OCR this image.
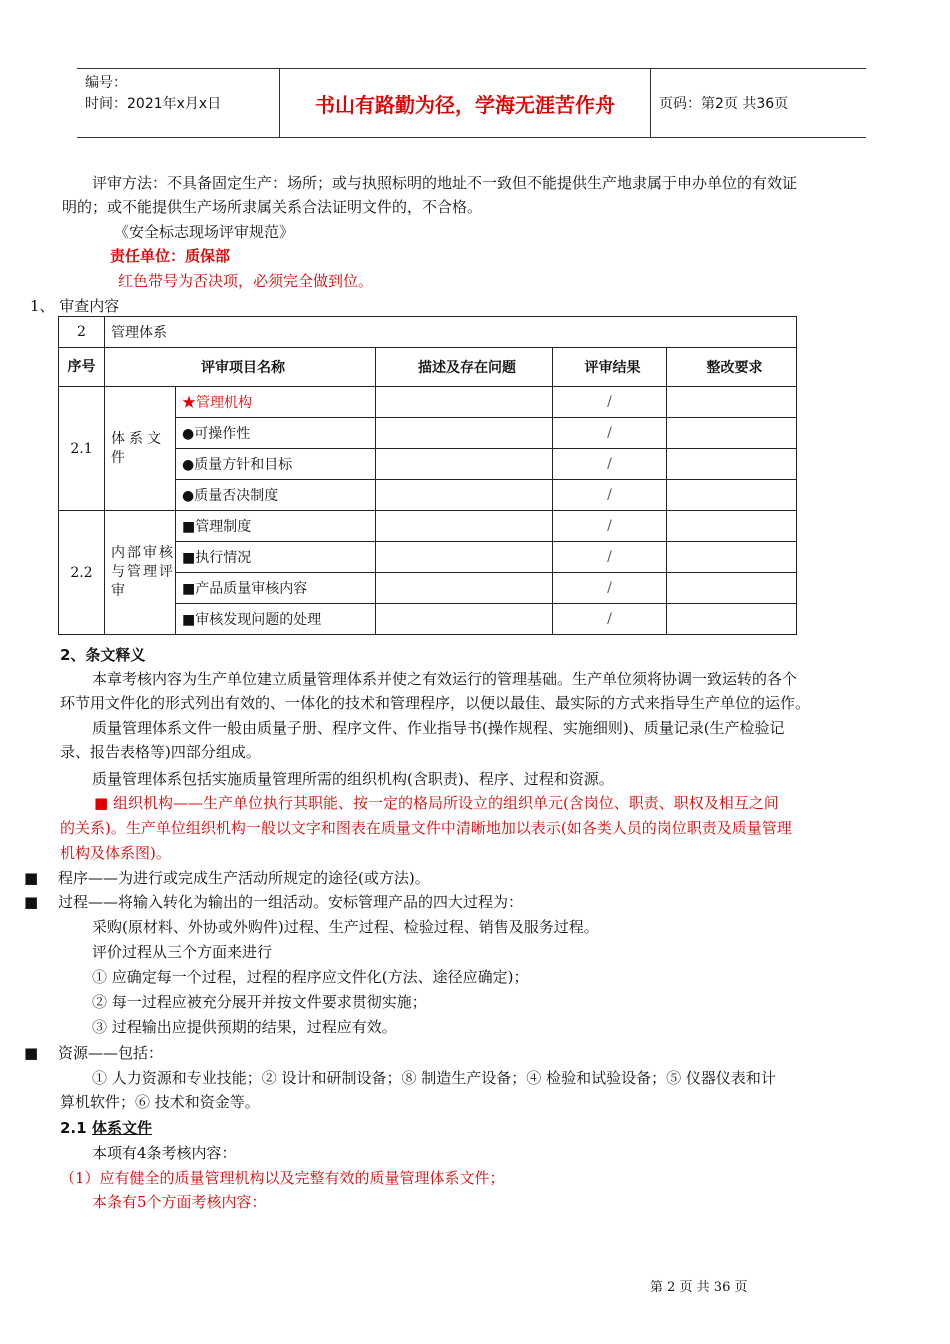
编号：
时间：2021年x月x日	书山有路勤为径，学海无涯苦作舟	页码：第2页 共36页
评审方法：不具备固定生产：场所；或与执照标明的地址不一致但不能提供生产地隶属于申办单位的有效证
明的；或不能提供生产场所隶属关系合法证明文件的，不合格。
《安全标志现场评审规范》
责任单位：质保部
红色带号为否决项，必须完全做到位。
1、 审查内容
2	管理体系				
序号	评审项目名称		描述及存在问题	评审结果	整改要求
2.1	体系文件	★管理机构		/	
		●可操作性		/	
		●质量方针和目标		/	
		●质量否决制度		/	
2.2	内部审核与管理评审	■管理制度		/	
		■执行情况		/	
		■产品质量审核内容		/	
		■审核发现问题的处理		/	
2、条文释义
本章考核内容为生产单位建立质量管理体系并使之有效运行的管理基础。生产单位须将协调一致运转的各个
环节用文件化的形式列出有效的、一体化的技术和管理程序，以便以最佳、最实际的方式来指导生产单位的运作。
质量管理体系文件一般由质量子册、程序文件、作业指导书(操作规程、实施细则)、质量记录(生产检验记
录、报告表格等)四部分组成。
质量管理体系包括实施质量管理所需的组织机构(含职责)、程序、过程和资源。
■ 组织机构——生产单位执行其职能、按一定的格局所设立的组织单元(含岗位、职责、职权及相互之间
的关系)。生产单位组织机构一般以文字和图表在质量文件中清晰地加以表示(如各类人员的岗位职责及质量管理
机构及体系图)。
■ 程序——为进行或完成生产活动所规定的途径(或方法)。
■ 过程——将输入转化为输出的一组活动。安标管理产品的四大过程为：
采购(原材料、外协或外购件)过程、生产过程、检验过程、销售及服务过程。
评价过程从三个方面来进行
① 应确定每一个过程，过程的程序应文件化(方法、途径应确定)；
② 每一过程应被充分展开并按文件要求贯彻实施；
③ 过程输出应提供预期的结果，过程应有效。
■ 资源——包括：
① 人力资源和专业技能；② 设计和研制设备；⑧ 制造生产设备；④ 检验和试验设备；⑤ 仪器仪表和计
算机软件；⑥ 技术和资金等。
2.1 体系文件
本项有4条考核内容：
（1）应有健全的质量管理机构以及完整有效的质量管理体系文件；
本条有5个方面考核内容：
第 2 页 共 36 页
